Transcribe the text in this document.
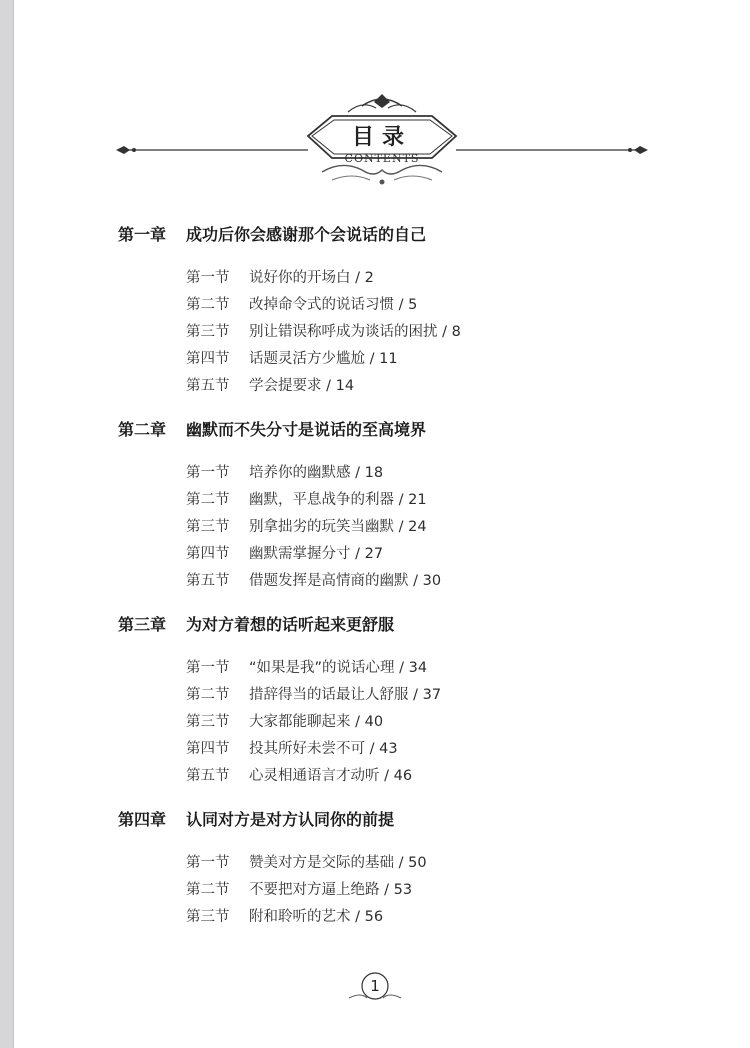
目录
CONTENTS
第一章	成功后你会感谢那个会说话的自己
第一节	说好你的开场白 / 2
第二节	改掉命令式的说话习惯 / 5
第三节	别让错误称呼成为谈话的困扰 / 8
第四节	话题灵活方少尴尬 / 11
第五节	学会提要求 / 14
第二章	幽默而不失分寸是说话的至高境界
第一节	培养你的幽默感 / 18
第二节	幽默，平息战争的利器 / 21
第三节	别拿拙劣的玩笑当幽默 / 24
第四节	幽默需掌握分寸 / 27
第五节	借题发挥是高情商的幽默 / 30
第三章	为对方着想的话听起来更舒服
第一节	“如果是我”的说话心理 / 34
第二节	措辞得当的话最让人舒服 / 37
第三节	大家都能聊起来 / 40
第四节	投其所好未尝不可 / 43
第五节	心灵相通语言才动听 / 46
第四章	认同对方是对方认同你的前提
第一节	赞美对方是交际的基础 / 50
第二节	不要把对方逼上绝路 / 53
第三节	附和聆听的艺术 / 56
1
